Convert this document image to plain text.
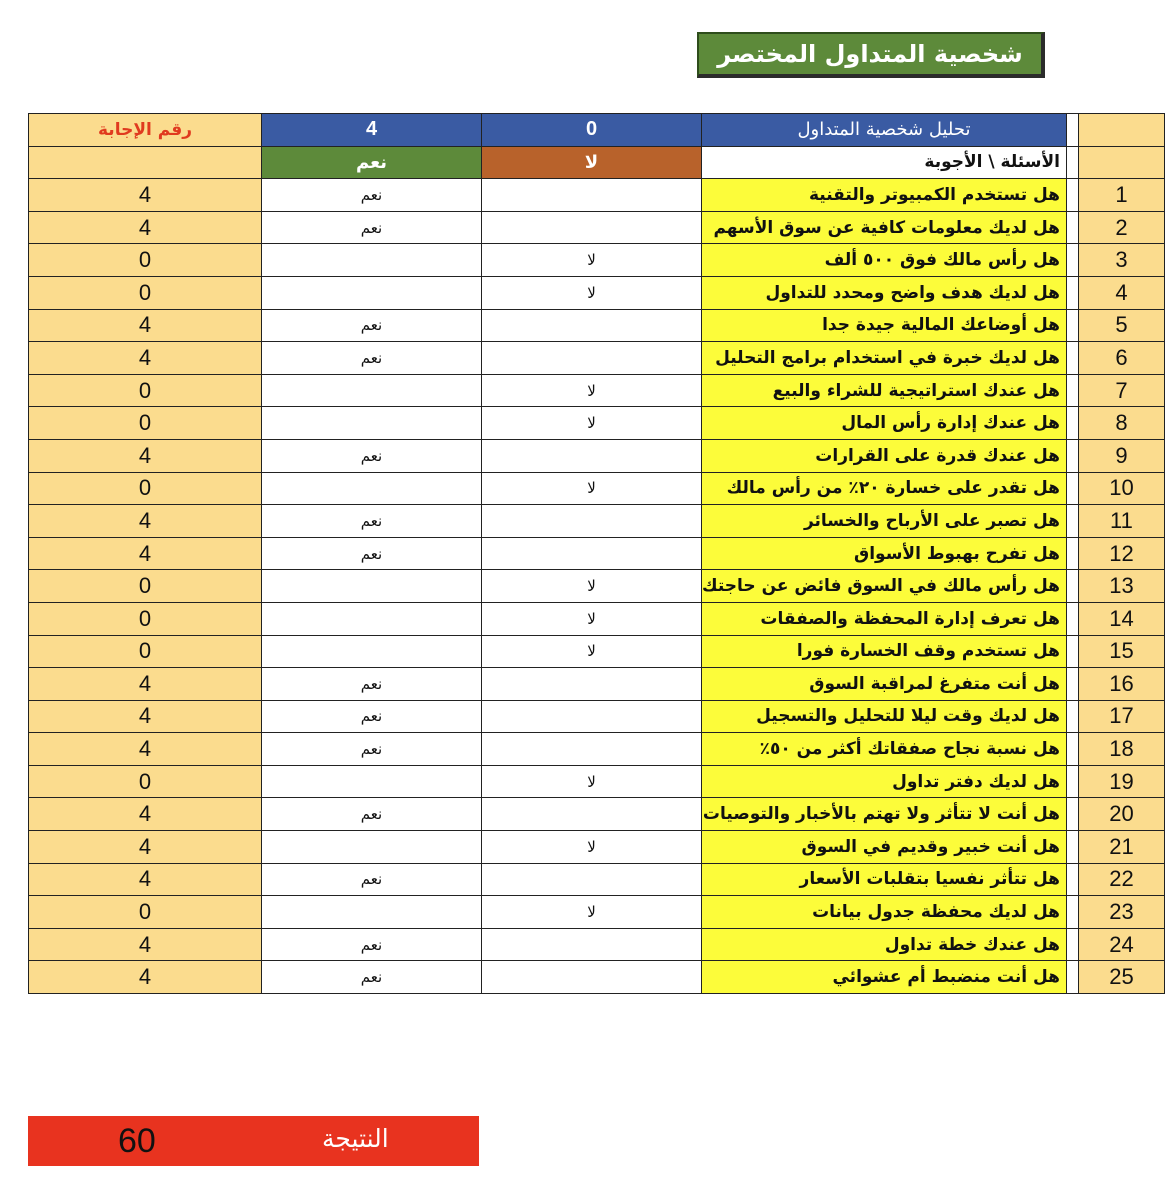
شخصية المتداول المختصر
رقم الإجابة	4	0	تحليل شخصية المتداول		
	نعم	لا	الأسئلة \ الأجوبة		
4	نعم		هل تستخدم الكمبيوتر والتقنية		1
4	نعم		هل لديك معلومات كافية عن سوق الأسهم		2
0		لا	هل رأس مالك فوق ٥٠٠ ألف		3
0		لا	هل لديك هدف واضح ومحدد للتداول		4
4	نعم		هل أوضاعك المالية جيدة جدا		5
4	نعم		هل لديك خبرة في استخدام برامج التحليل		6
0		لا	هل عندك استراتيجية للشراء والبيع		7
0		لا	هل عندك إدارة رأس المال		8
4	نعم		هل عندك قدرة على القرارات		9
0		لا	هل تقدر على خسارة ٢٠٪ من رأس مالك		10
4	نعم		هل تصبر على الأرباح والخسائر		11
4	نعم		هل تفرح بهبوط الأسواق		12
0		لا	هل رأس مالك في السوق فائض عن حاجتك		13
0		لا	هل تعرف إدارة المحفظة والصفقات		14
0		لا	هل تستخدم وقف الخسارة فورا		15
4	نعم		هل أنت متفرغ لمراقبة السوق		16
4	نعم		هل لديك وقت ليلا للتحليل والتسجيل		17
4	نعم		هل نسبة نجاح صفقاتك أكثر من ٥٠٪		18
0		لا	هل لديك دفتر تداول		19
4	نعم		هل أنت لا تتأثر ولا تهتم بالأخبار والتوصيات		20
4		لا	هل أنت خبير وقديم في السوق		21
4	نعم		هل تتأثر نفسيا بتقلبات الأسعار		22
0		لا	هل لديك محفظة جدول بيانات		23
4	نعم		هل عندك خطة تداول		24
4	نعم		هل أنت منضبط أم عشوائي		25
النتيجة
60
